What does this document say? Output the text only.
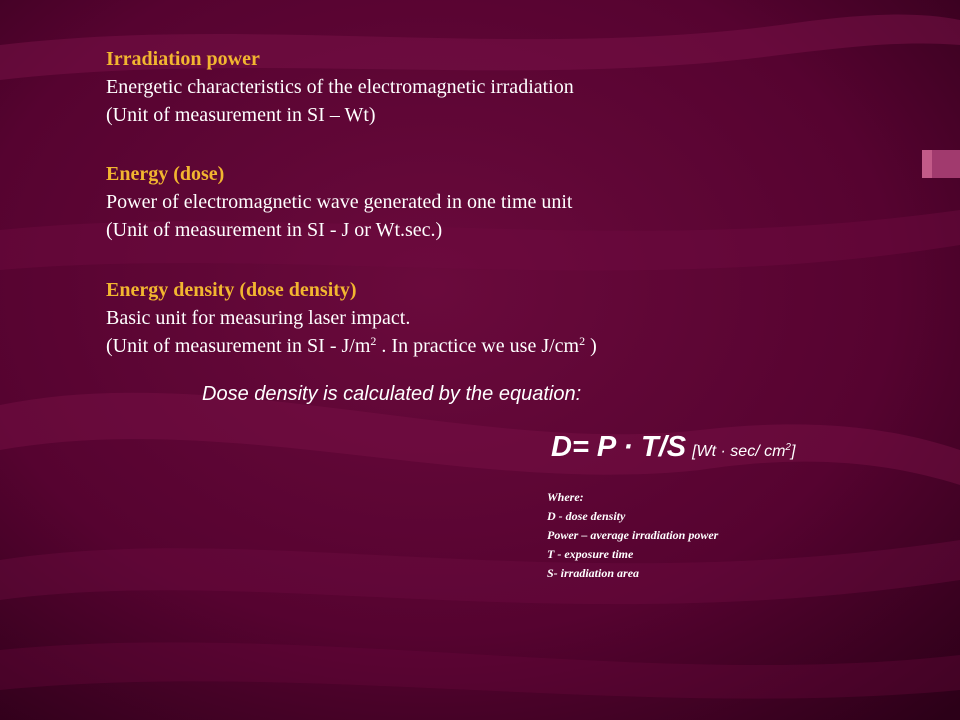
Irradiation power
Energetic characteristics of the electromagnetic irradiation
(Unit of measurement in SI – Wt)
Energy (dose)
Power of electromagnetic wave generated in one time unit
(Unit of measurement in SI - J or Wt.sec.)
Energy density (dose density)
Basic unit for measuring laser impact.
(Unit of measurement in SI - $J/m^2$ . In practice we use $J/cm^2$ )
Dose density is calculated by the equation:
D= P · T/S [Wt · sec/ $cm^2$]
Where:
D - dose density
Power – average irradiation power
T - exposure time
S- irradiation area
